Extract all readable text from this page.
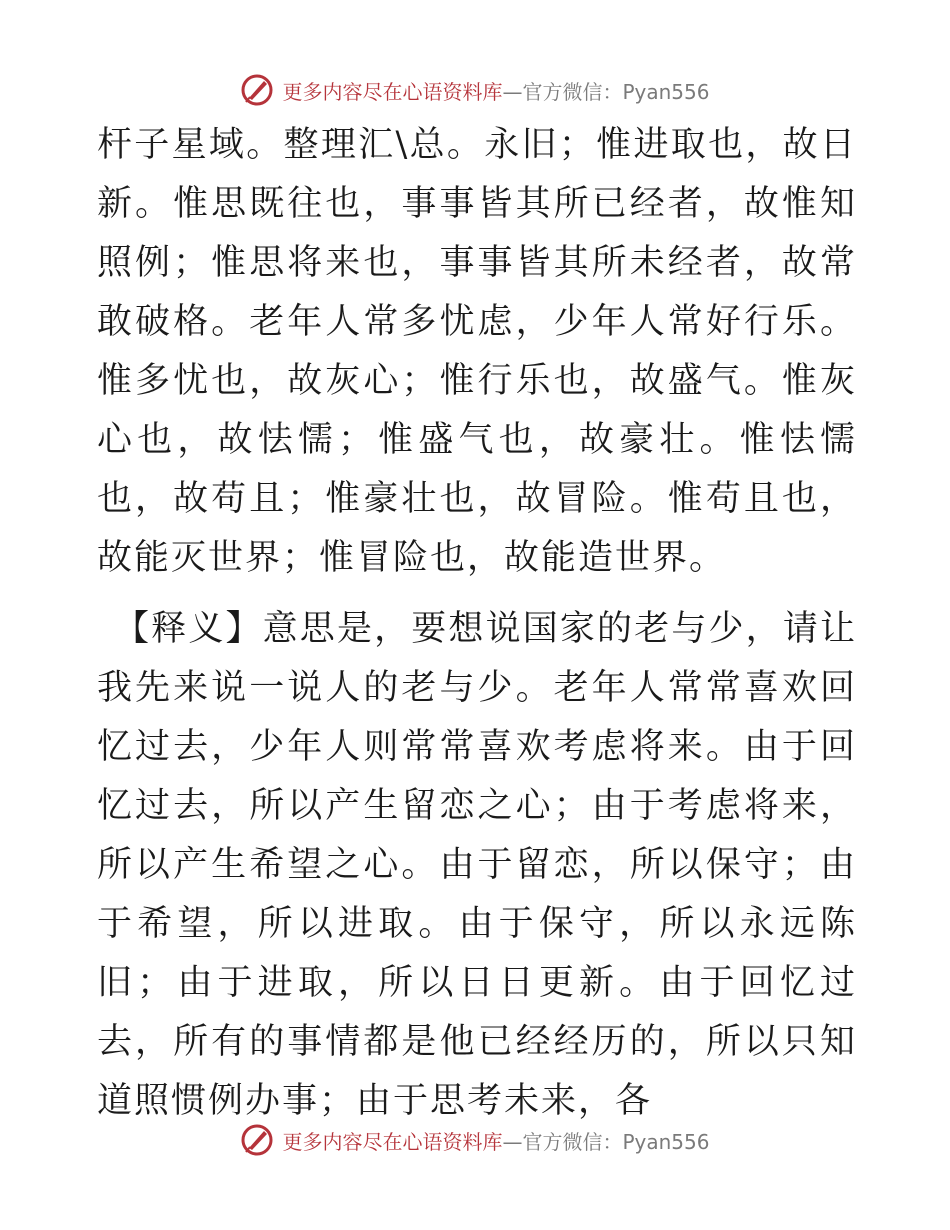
更多内容尽在心语资料库—官方微信：Pyan556

杆子星域。整理汇\总。永旧；惟进取也，故日新。惟思既往也，事事皆其所已经者，故惟知照例；惟思将来也，事事皆其所未经者，故常敢破格。老年人常多忧虑，少年人常好行乐。惟多忧也，故灰心；惟行乐也，故盛气。惟灰心也，故怯懦；惟盛气也，故豪壮。惟怯懦也，故苟且；惟豪壮也，故冒险。惟苟且也，故能灭世界；惟冒险也，故能造世界。

【释义】意思是，要想说国家的老与少，请让我先来说一说人的老与少。老年人常常喜欢回忆过去，少年人则常常喜欢考虑将来。由于回忆过去，所以产生留恋之心；由于考虑将来，所以产生希望之心。由于留恋，所以保守；由于希望，所以进取。由于保守，所以永远陈旧；由于进取，所以日日更新。由于回忆过去，所有的事情都是他已经经历的，所以只知道照惯例办事；由于思考未来，各

更多内容尽在心语资料库—官方微信：Pyan556
